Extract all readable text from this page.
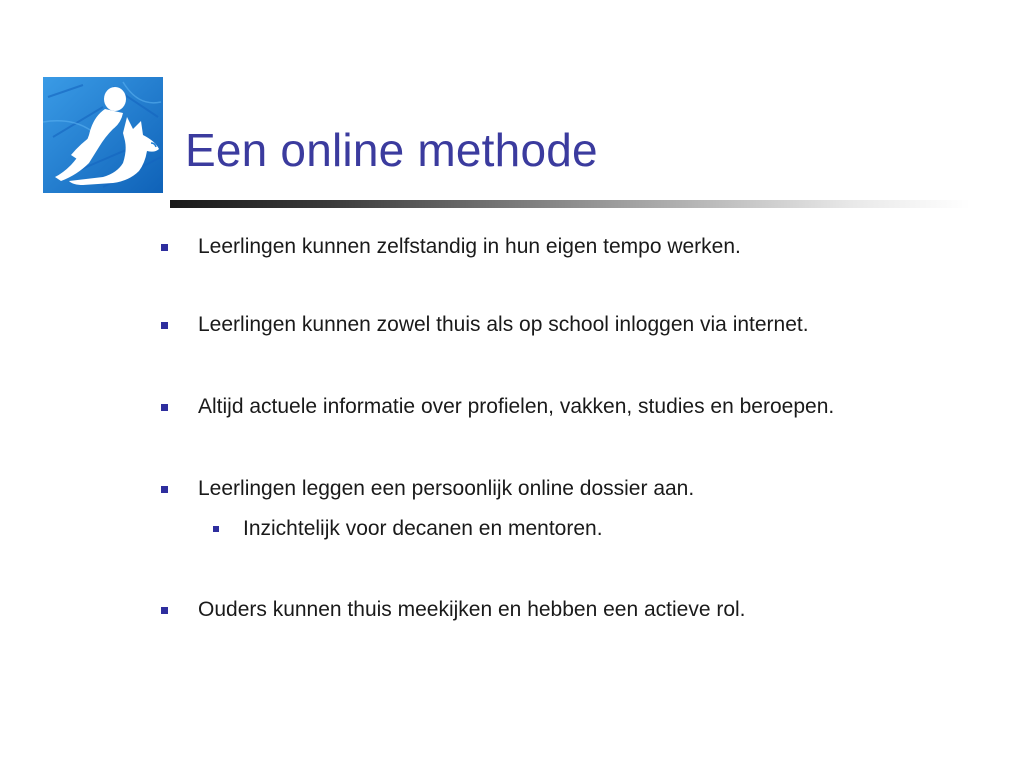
Een online methode
Leerlingen kunnen zelfstandig in hun eigen tempo werken.
Leerlingen kunnen zowel thuis als op school inloggen via internet.
Altijd actuele informatie over profielen, vakken, studies en beroepen.
Leerlingen leggen een persoonlijk online dossier aan.
Inzichtelijk voor decanen en mentoren.
Ouders kunnen thuis meekijken en hebben een actieve rol.
